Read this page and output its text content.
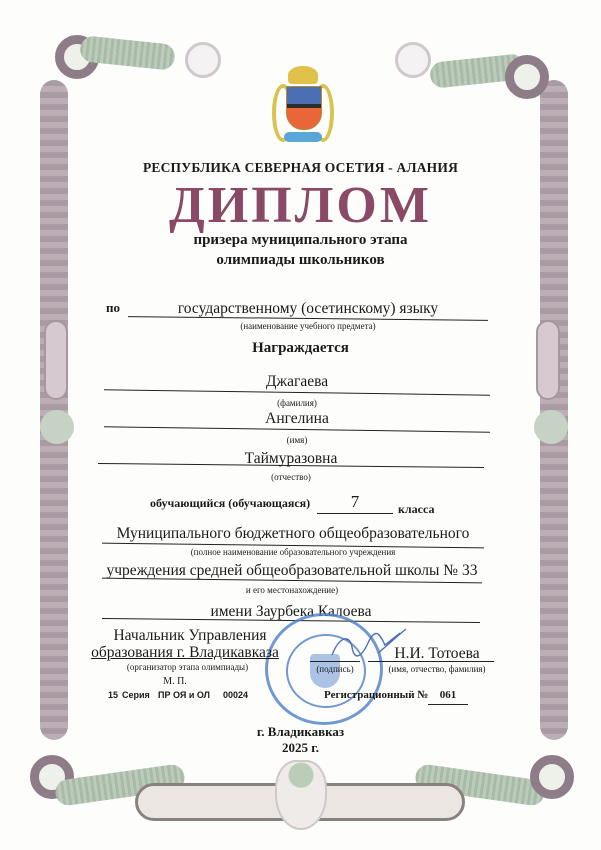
РЕСПУБЛИКА СЕВЕРНАЯ ОСЕТИЯ - АЛАНИЯ
ДИПЛОМ
призера муниципального этапа
олимпиады школьников
по	государственному (осетинскому) языку
(наименование учебного предмета)
Награждается
Джагаева
(фамилия)
Ангелина
(имя)
Таймуразовна
(отчество)
обучающийся (обучающаяся)	7	класса
Муниципального бюджетного общеобразовательного
(полное наименование образовательного учреждения
учреждения средней общеобразовательной школы № 33
и его местонахождение)
имени Заурбека Калоева
Начальник Управления
образования г. Владикавказа
(организатор этапа олимпиады)	(подпись)
Н.И. Тотоева
(имя, отчество, фамилия)
М. П.
15 Серия ПР ОЯ и ОЛ 00024	Регистрационный №	061
г. Владикавказ
2025 г.
